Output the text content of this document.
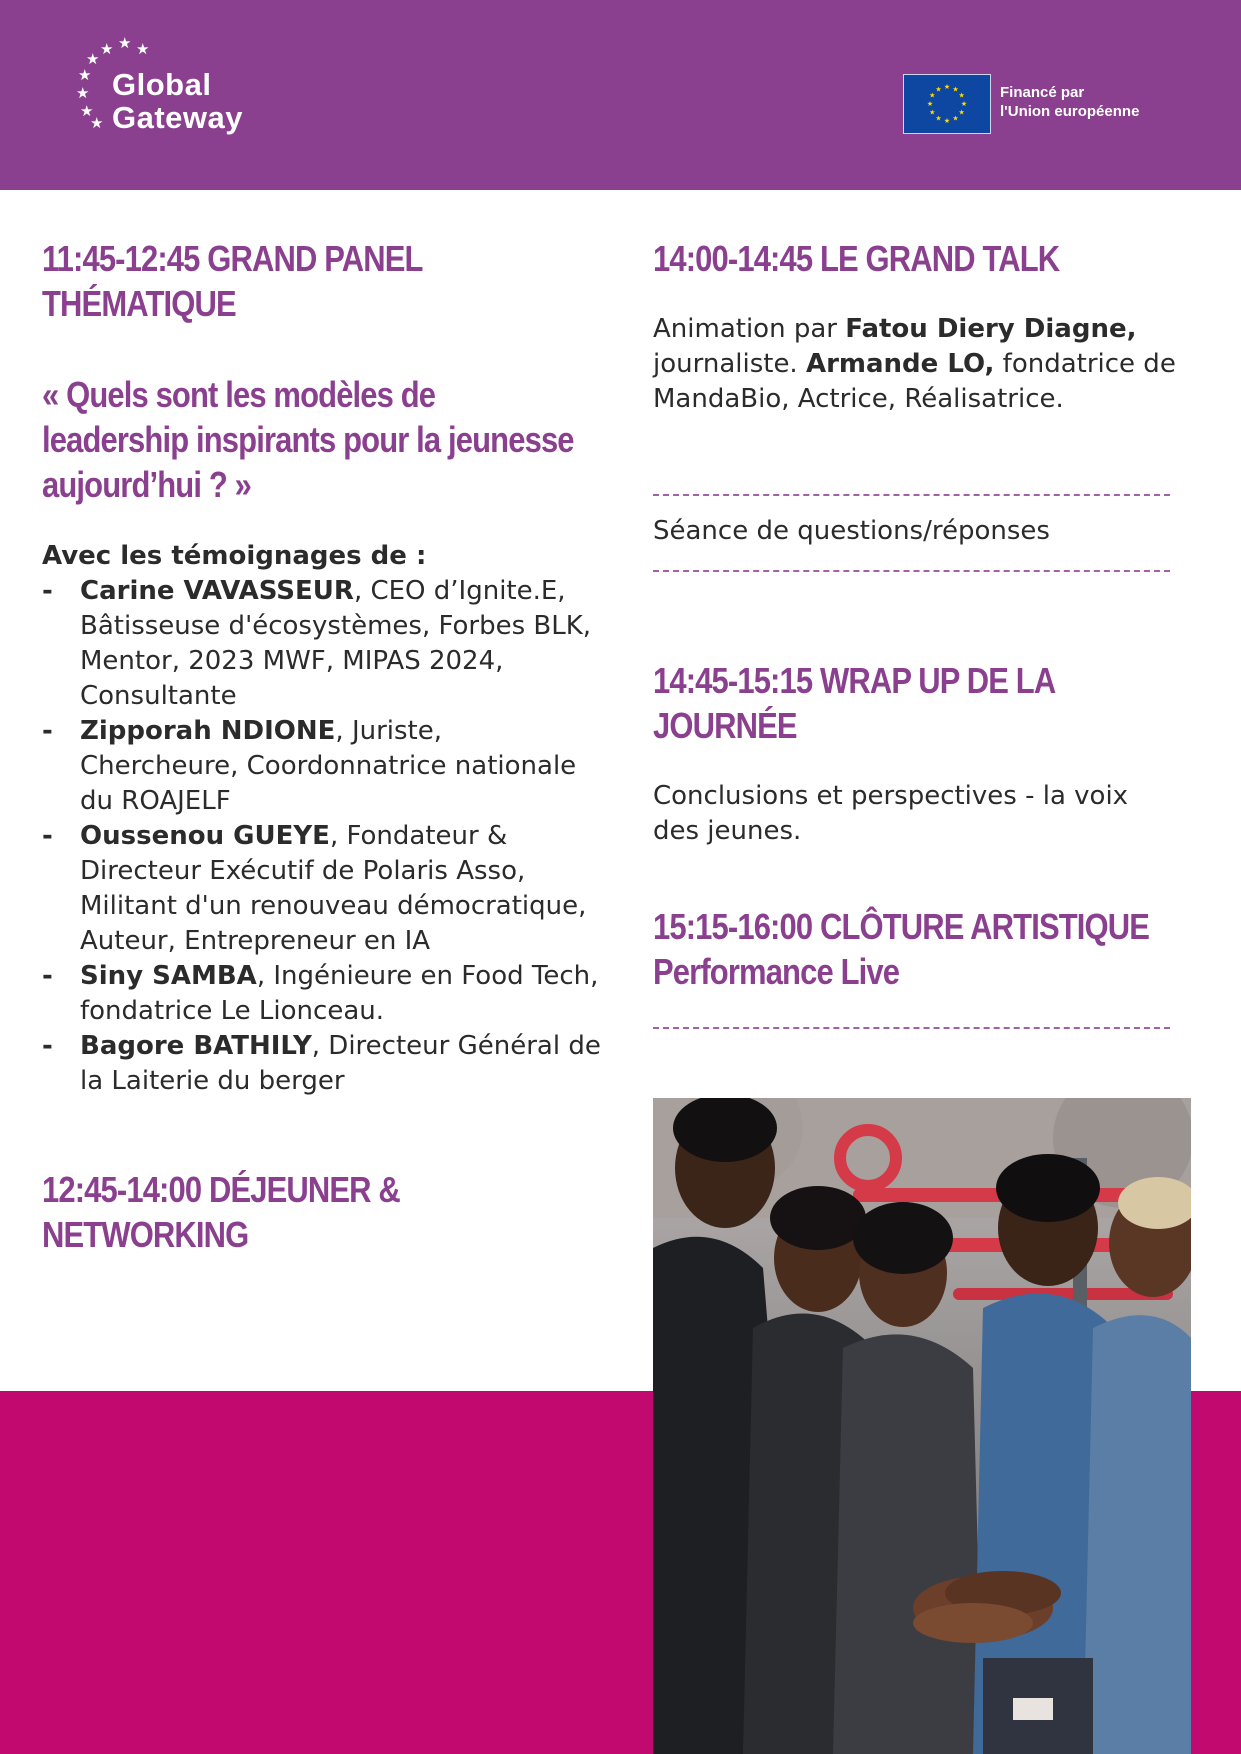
★ ★ ★
★
★
★
★
★
Global
Gateway
★ ★
★
★
★
★
★
★
★
★
★
★	Financé par
l'Union européenne
11:45-12:45 GRAND PANEL
THÉMATIQUE
« Quels sont les modèles de
leadership inspirants pour la jeunesse
aujourd’hui ? »
Avec les témoignages de :
- Carine VAVASSEUR, CEO d’Ignite.E, Bâtisseuse d'écosystèmes, Forbes BLK, Mentor, 2023 MWF, MIPAS 2024, Consultante
- Zipporah NDIONE, Juriste, Chercheure, Coordonnatrice nationale du ROAJELF
- Oussenou GUEYE, Fondateur & Directeur Exécutif de Polaris Asso, Militant d'un renouveau démocratique, Auteur, Entrepreneur en IA
- Siny SAMBA, Ingénieure en Food Tech, fondatrice Le Lionceau.
- Bagore BATHILY, Directeur Général de la Laiterie du berger
12:45-14:00 DÉJEUNER &
NETWORKING
14:00-14:45 LE GRAND TALK
Animation par Fatou Diery Diagne, journaliste. Armande LO, fondatrice de MandaBio, Actrice, Réalisatrice.
Séance de questions/réponses
14:45-15:15 WRAP UP DE LA
JOURNÉE
Conclusions et perspectives - la voix des jeunes.
15:15-16:00 CLÔTURE ARTISTIQUE
Performance Live
